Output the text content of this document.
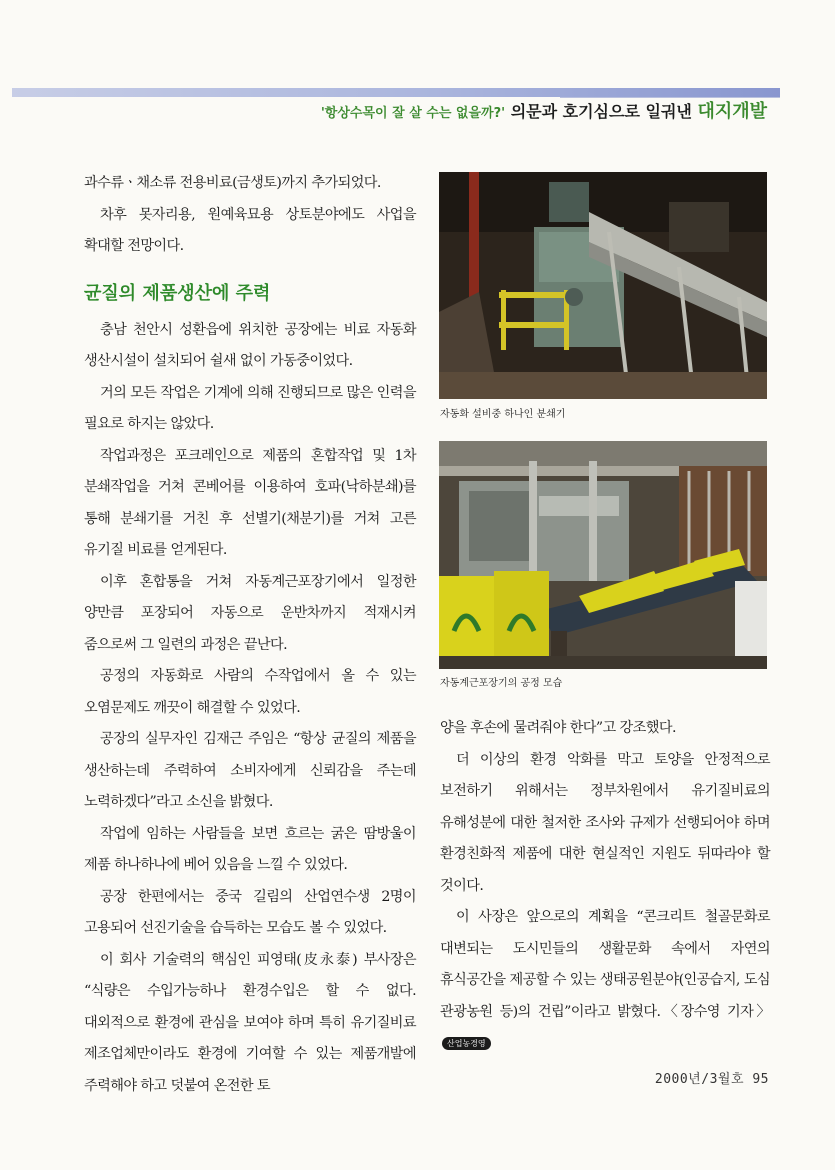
'항상수목이 잘 살 수는 없을까?' 의문과 호기심으로 일궈낸 대지개발

과수류ㆍ채소류 전용비료(금생토)까지 추가되었다.

차후 못자리용, 원예육묘용 상토분야에도 사업을 확대할 전망이다.

균질의 제품생산에 주력

충남 천안시 성환읍에 위치한 공장에는 비료 자동화 생산시설이 설치되어 쉴새 없이 가동중이었다.

거의 모든 작업은 기계에 의해 진행되므로 많은 인력을 필요로 하지는 않았다.

작업과정은 포크레인으로 제품의 혼합작업 및 1차 분쇄작업을 거쳐 콘베어를 이용하여 호파(낙하분쇄)를 통해 분쇄기를 거친 후 선별기(채분기)를 거쳐 고른 유기질 비료를 얻게된다.

이후 혼합통을 거쳐 자동계근포장기에서 일정한 양만큼 포장되어 자동으로 운반차까지 적재시켜 줌으로써 그 일련의 과정은 끝난다.

공정의 자동화로 사람의 수작업에서 올 수 있는 오염문제도 깨끗이 해결할 수 있었다.

공장의 실무자인 김재근 주임은 “항상 균질의 제품을 생산하는데 주력하여 소비자에게 신뢰감을 주는데 노력하겠다”라고 소신을 밝혔다.

작업에 임하는 사람들을 보면 흐르는 굵은 땀방울이 제품 하나하나에 베어 있음을 느낄 수 있었다.

공장 한편에서는 중국 길림의 산업연수생 2명이 고용되어 선진기술을 습득하는 모습도 볼 수 있었다.

이 회사 기술력의 핵심인 피영태(皮永泰) 부사장은 “식량은 수입가능하나 환경수입은 할 수 없다. 대외적으로 환경에 관심을 보여야 하며 특히 유기질비료 제조업체만이라도 환경에 기여할 수 있는 제품개발에 주력해야 하고 덧붙여 온전한 토

자동화 설비중 하나인 분쇄기
자동계근포장기의 공정 모습

양을 후손에 물려줘야 한다”고 강조했다.

더 이상의 환경 악화를 막고 토양을 안정적으로 보전하기 위해서는 정부차원에서 유기질비료의 유해성분에 대한 철저한 조사와 규제가 선행되어야 하며 환경친화적 제품에 대한 현실적인 지원도 뒤따라야 할 것이다.

이 사장은 앞으로의 계획을 “콘크리트 철골문화로 대변되는 도시민들의 생활문화 속에서 자연의 휴식공간을 제공할 수 있는 생태공원분야(인공습지, 도심 관광농원 등)의 건립”이라고 밝혔다.〈장수영 기자〉산업농경영

2000년/3월호 95
